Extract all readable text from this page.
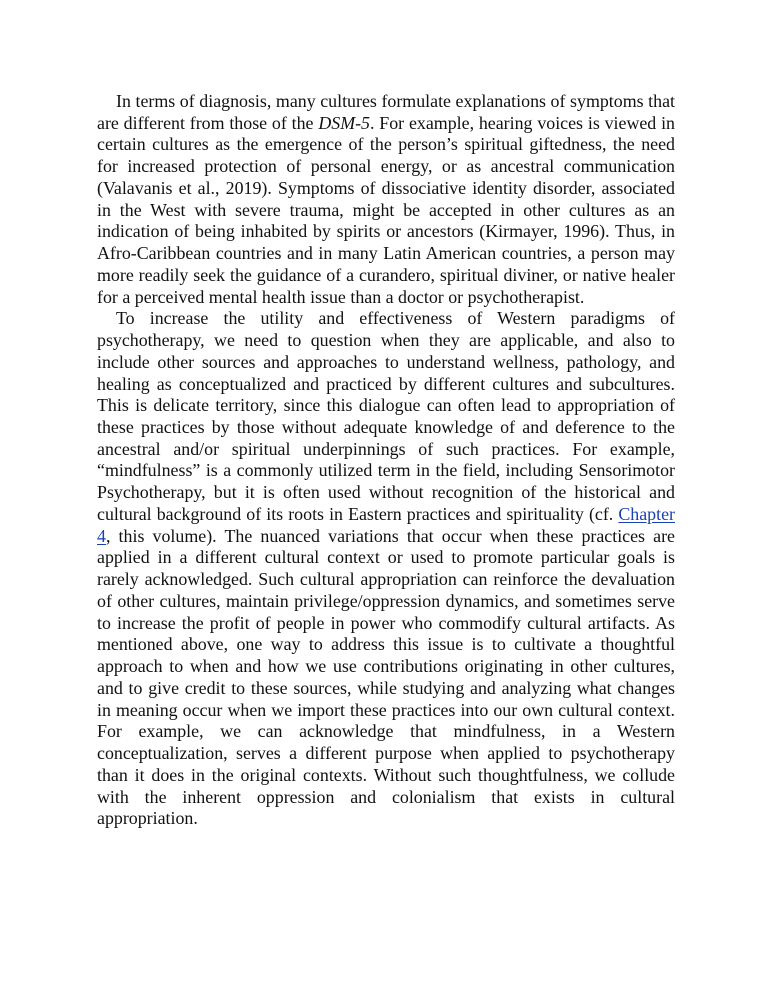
In terms of diagnosis, many cultures formulate explanations of symptoms that are different from those of the DSM-5. For example, hearing voices is viewed in certain cultures as the emergence of the person’s spiritual giftedness, the need for increased protection of personal energy, or as ancestral communication (Valavanis et al., 2019). Symptoms of dissociative identity disorder, associated in the West with severe trauma, might be accepted in other cultures as an indication of being inhabited by spirits or ancestors (Kirmayer, 1996). Thus, in Afro-Caribbean countries and in many Latin American countries, a person may more readily seek the guidance of a curandero, spiritual diviner, or native healer for a perceived mental health issue than a doctor or psychotherapist.

To increase the utility and effectiveness of Western paradigms of psychotherapy, we need to question when they are applicable, and also to include other sources and approaches to understand wellness, pathology, and healing as conceptualized and practiced by different cultures and subcultures. This is delicate territory, since this dialogue can often lead to appropriation of these practices by those without adequate knowledge of and deference to the ancestral and/or spiritual underpinnings of such practices. For example, “mindfulness” is a commonly utilized term in the field, including Sensorimotor Psychotherapy, but it is often used without recognition of the historical and cultural background of its roots in Eastern practices and spirituality (cf. Chapter 4, this volume). The nuanced variations that occur when these practices are applied in a different cultural context or used to promote particular goals is rarely acknowledged. Such cultural appropriation can reinforce the devaluation of other cultures, maintain privilege/oppression dynamics, and sometimes serve to increase the profit of people in power who commodify cultural artifacts. As mentioned above, one way to address this issue is to cultivate a thoughtful approach to when and how we use contributions originating in other cultures, and to give credit to these sources, while studying and analyzing what changes in meaning occur when we import these practices into our own cultural context. For example, we can acknowledge that mindfulness, in a Western conceptualization, serves a different purpose when applied to psychotherapy than it does in the original contexts. Without such thoughtfulness, we collude with the inherent oppression and colonialism that exists in cultural appropriation.
